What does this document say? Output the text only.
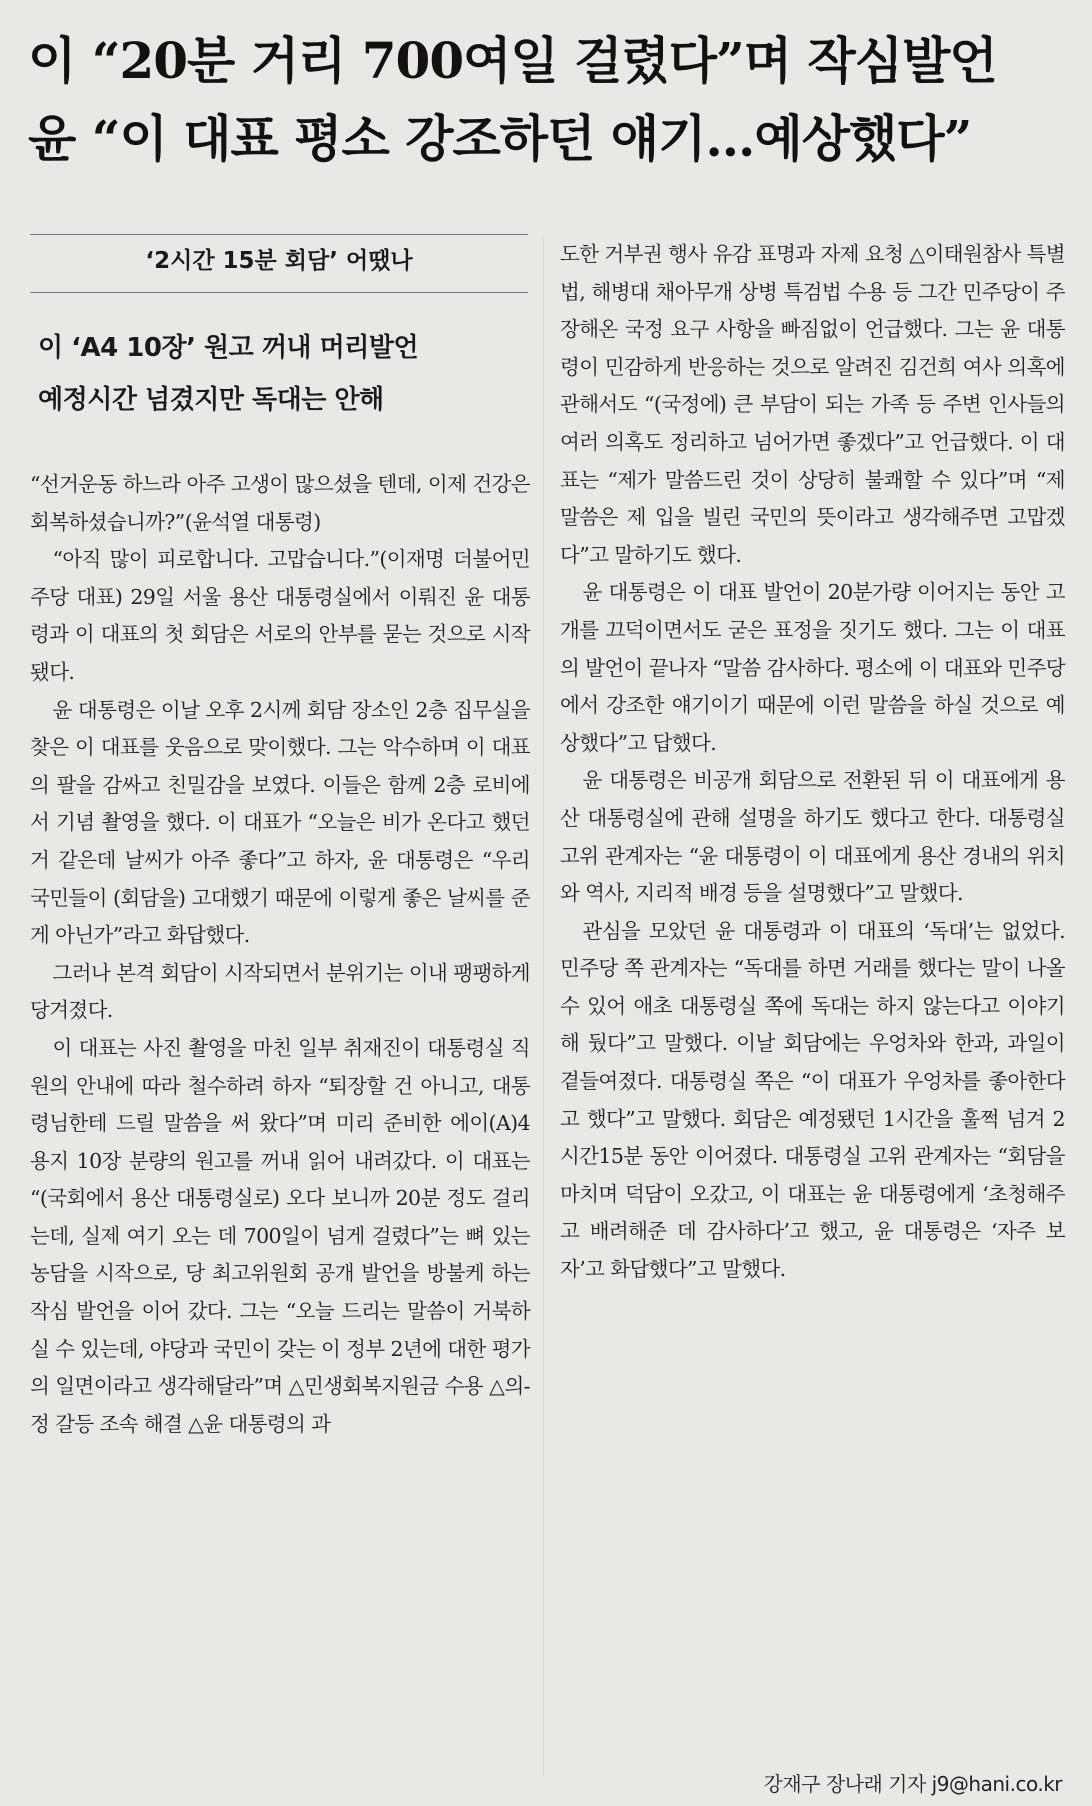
이 “20분 거리 700여일 걸렸다”며 작심발언
윤 “이 대표 평소 강조하던 얘기…예상했다”
‘2시간 15분 회담’ 어땠나
이 ‘A4 10장’ 원고 꺼내 머리발언
예정시간 넘겼지만 독대는 안해

“선거운동 하느라 아주 고생이 많으셨을 텐데, 이제 건강은 회복하셨습니까?”(윤석열 대통령)

“아직 많이 피로합니다. 고맙습니다.”(이재명 더불어민주당 대표) 29일 서울 용산 대통령실에서 이뤄진 윤 대통령과 이 대표의 첫 회담은 서로의 안부를 묻는 것으로 시작됐다.

윤 대통령은 이날 오후 2시께 회담 장소인 2층 집무실을 찾은 이 대표를 웃음으로 맞이했다. 그는 악수하며 이 대표의 팔을 감싸고 친밀감을 보였다. 이들은 함께 2층 로비에서 기념 촬영을 했다. 이 대표가 “오늘은 비가 온다고 했던 거 같은데 날씨가 아주 좋다”고 하자, 윤 대통령은 “우리 국민들이 (회담을) 고대했기 때문에 이렇게 좋은 날씨를 준 게 아닌가”라고 화답했다.

그러나 본격 회담이 시작되면서 분위기는 이내 팽팽하게 당겨졌다.

이 대표는 사진 촬영을 마친 일부 취재진이 대통령실 직원의 안내에 따라 철수하려 하자 “퇴장할 건 아니고, 대통령님한테 드릴 말씀을 써 왔다”며 미리 준비한 에이(A)4 용지 10장 분량의 원고를 꺼내 읽어 내려갔다. 이 대표는 “(국회에서 용산 대통령실로) 오다 보니까 20분 정도 걸리는데, 실제 여기 오는 데 700일이 넘게 걸렸다”는 뼈 있는 농담을 시작으로, 당 최고위원회 공개 발언을 방불케 하는 작심 발언을 이어 갔다. 그는 “오늘 드리는 말씀이 거북하실 수 있는데, 야당과 국민이 갖는 이 정부 2년에 대한 평가의 일면이라고 생각해달라”며 △민생회복지원금 수용 △의-정 갈등 조속 해결 △윤 대통령의 과

도한 거부권 행사 유감 표명과 자제 요청 △이태원참사 특별법, 해병대 채아무개 상병 특검법 수용 등 그간 민주당이 주장해온 국정 요구 사항을 빠짐없이 언급했다. 그는 윤 대통령이 민감하게 반응하는 것으로 알려진 김건희 여사 의혹에 관해서도 “(국정에) 큰 부담이 되는 가족 등 주변 인사들의 여러 의혹도 정리하고 넘어가면 좋겠다”고 언급했다. 이 대표는 “제가 말씀드린 것이 상당히 불쾌할 수 있다”며 “제 말씀은 제 입을 빌린 국민의 뜻이라고 생각해주면 고맙겠다”고 말하기도 했다.

윤 대통령은 이 대표 발언이 20분가량 이어지는 동안 고개를 끄덕이면서도 굳은 표정을 짓기도 했다. 그는 이 대표의 발언이 끝나자 “말씀 감사하다. 평소에 이 대표와 민주당에서 강조한 얘기이기 때문에 이런 말씀을 하실 것으로 예상했다”고 답했다.

윤 대통령은 비공개 회담으로 전환된 뒤 이 대표에게 용산 대통령실에 관해 설명을 하기도 했다고 한다. 대통령실 고위 관계자는 “윤 대통령이 이 대표에게 용산 경내의 위치와 역사, 지리적 배경 등을 설명했다”고 말했다.

관심을 모았던 윤 대통령과 이 대표의 ‘독대’는 없었다. 민주당 쪽 관계자는 “독대를 하면 거래를 했다는 말이 나올 수 있어 애초 대통령실 쪽에 독대는 하지 않는다고 이야기해 뒀다”고 말했다. 이날 회담에는 우엉차와 한과, 과일이 곁들여졌다. 대통령실 쪽은 “이 대표가 우엉차를 좋아한다고 했다”고 말했다. 회담은 예정됐던 1시간을 훌쩍 넘겨 2시간15분 동안 이어졌다. 대통령실 고위 관계자는 “회담을 마치며 덕담이 오갔고, 이 대표는 윤 대통령에게 ‘초청해주고 배려해준 데 감사하다’고 했고, 윤 대통령은 ‘자주 보자’고 화답했다”고 말했다.

강재구 장나래 기자 j9@hani.co.kr
